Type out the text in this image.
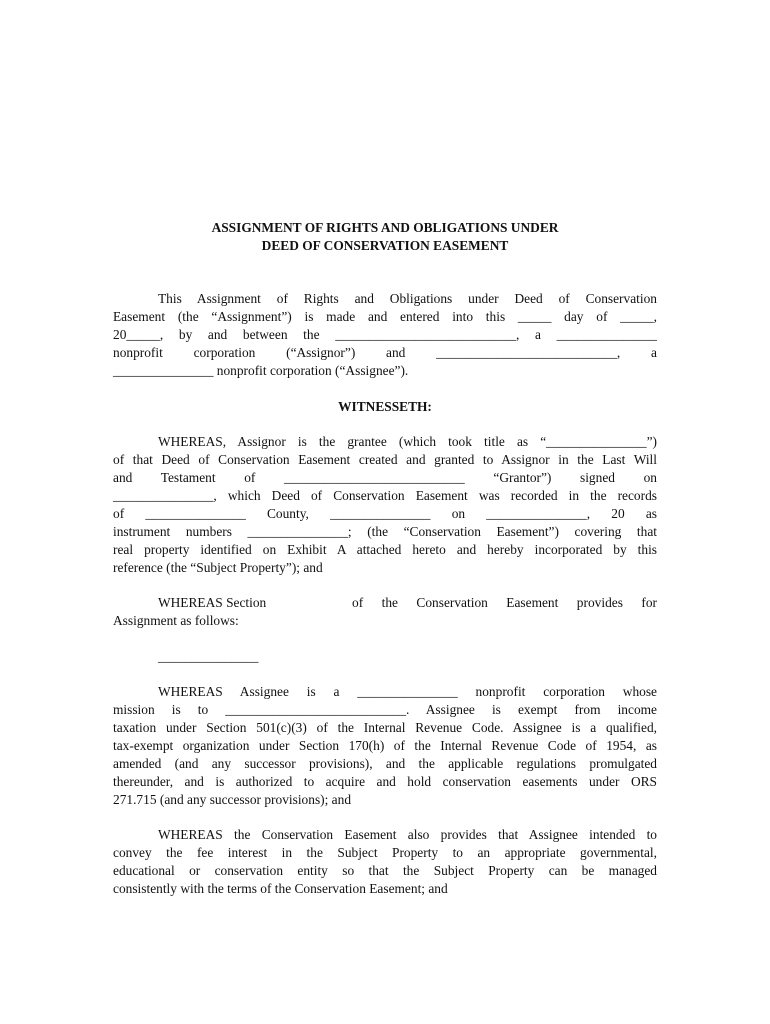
ASSIGNMENT OF RIGHTS AND OBLIGATIONS UNDER
DEED OF CONSERVATION EASEMENT
This Assignment of Rights and Obligations under Deed of Conservation
Easement (the “Assignment”) is made and entered into this _____ day of _____,
20_____, by and between the ___________________________, a _______________
nonprofit corporation (“Assignor”) and ___________________________, a
_______________ nonprofit corporation (“Assignee”).
WITNESSETH:
WHEREAS, Assignor is the grantee (which took title as “_______________”)
of that Deed of Conservation Easement created and granted to Assignor in the Last Will
and Testament of ___________________________ “Grantor”) signed on
_______________, which Deed of Conservation Easement was recorded in the records
of _______________ County, _______________ on _______________, 20 as
instrument numbers _______________; (the “Conservation Easement”) covering that
real property identified on Exhibit A attached hereto and hereby incorporated by this
reference (the “Subject Property”); and
WHEREAS Section	of the Conservation Easement provides for
Assignment as follows:
_______________
WHEREAS Assignee is a _______________ nonprofit corporation whose
mission is to ___________________________. Assignee is exempt from income
taxation under Section 501(c)(3) of the Internal Revenue Code. Assignee is a qualified,
tax-exempt organization under Section 170(h) of the Internal Revenue Code of 1954, as
amended (and any successor provisions), and the applicable regulations promulgated
thereunder, and is authorized to acquire and hold conservation easements under ORS
271.715 (and any successor provisions); and
WHEREAS the Conservation Easement also provides that Assignee intended to
convey the fee interest in the Subject Property to an appropriate governmental,
educational or conservation entity so that the Subject Property can be managed
consistently with the terms of the Conservation Easement; and
